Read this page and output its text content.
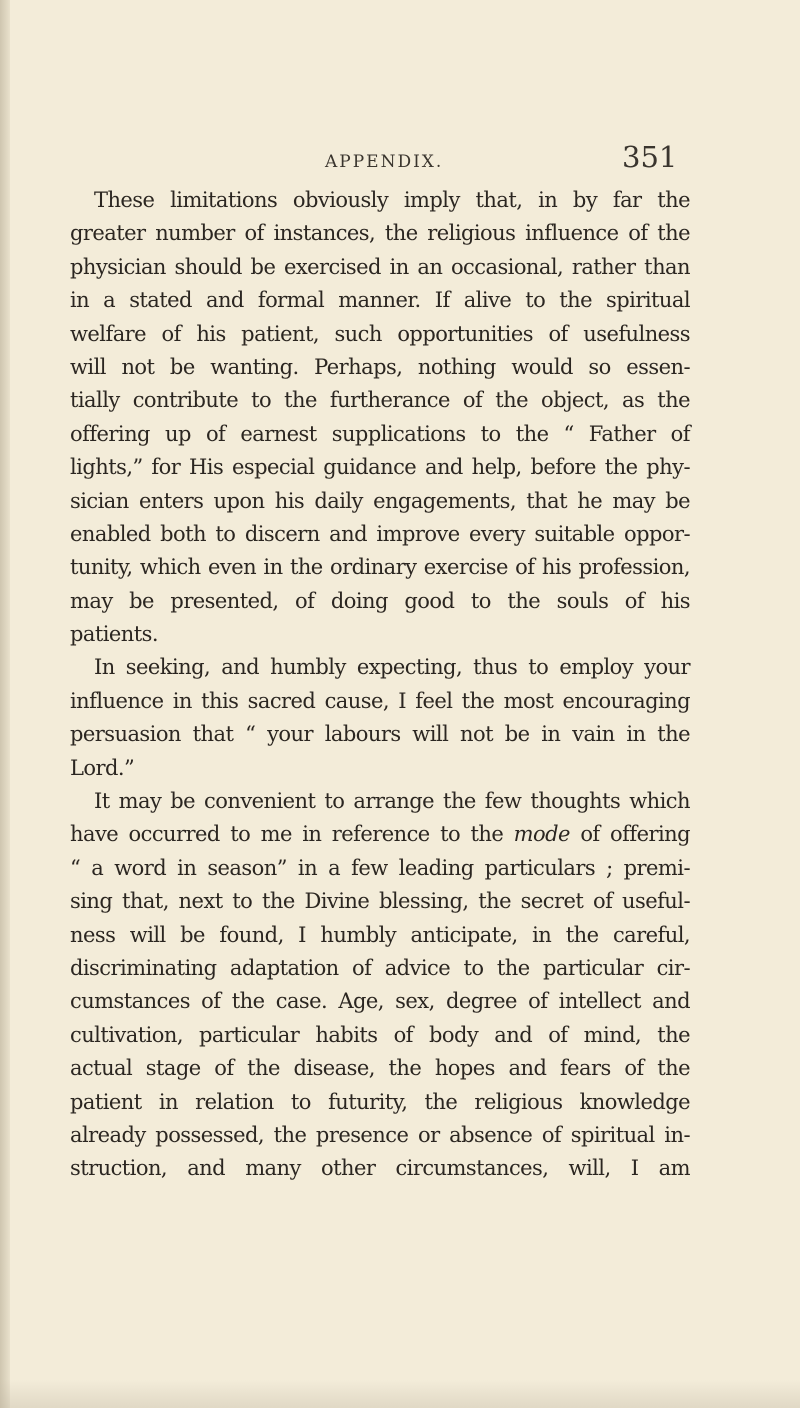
APPENDIX.	351
These limitations obviously imply that, in by far the
greater number of instances, the religious influence of the
physician should be exercised in an occasional, rather than
in a stated and formal manner. If alive to the spiritual
welfare of his patient, such opportunities of usefulness
will not be wanting. Perhaps, nothing would so essen-
tially contribute to the furtherance of the object, as the
offering up of earnest supplications to the “ Father of
lights,” for His especial guidance and help, before the phy-
sician enters upon his daily engagements, that he may be
enabled both to discern and improve every suitable oppor-
tunity, which even in the ordinary exercise of his profession,
may be presented, of doing good to the souls of his
patients.
In seeking, and humbly expecting, thus to employ your
influence in this sacred cause, I feel the most encouraging
persuasion that “ your labours will not be in vain in the
Lord.”
It may be convenient to arrange the few thoughts which
have occurred to me in reference to the mode of offering
“ a word in season” in a few leading particulars ; premi-
sing that, next to the Divine blessing, the secret of useful-
ness will be found, I humbly anticipate, in the careful,
discriminating adaptation of advice to the particular cir-
cumstances of the case. Age, sex, degree of intellect and
cultivation, particular habits of body and of mind, the
actual stage of the disease, the hopes and fears of the
patient in relation to futurity, the religious knowledge
already possessed, the presence or absence of spiritual in-
struction, and many other circumstances, will, I am
